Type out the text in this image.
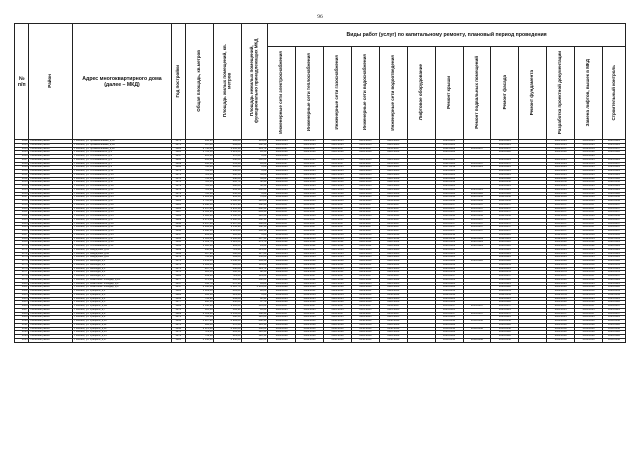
96
№ п/п	Район	Адрес многоквартирного дома (далее – МКД)	Год постройки	Общая площадь, кв.метров	Площадь жилых помещений, кв. метров	Площадь нежилых помещений, функционально принадлежащих МКД	Виды работ (услуг) по капитальному ремонту, плановый период проведения												
							Инженерные сети электроснабжения	Инженерные сети теплоснабжения	Инженерные сети газоснабжения	Инженерные сети водоснабжения	Инженерные сети водоотведения	Лифтовое оборудование	Ремонт крыши	Ремонт подвальных помещений	Ремонт фасада	Ремонт фундамента	Разработка проектной документации	Замена лифтов, вышек в МКД	Строительный контроль
4142	Рыльский район	г. Рыльск, ул. Промышленная, д.58	1971	844,90	263,00	119,80	2021-2025	2021-2025	2023-2025	2021-2025	2024-2025		2023-2025		2023-2025		2021-2023	2023-2025	2021-2025
4143	Рыльский район	г. Рыльск, ул. Промышленная, д.59	1971	537,80	464,80	102,10	2023-2025	2023-2025	2023-2025	2023-2025	2023-2025		2023-2025		2023-2025		2023-2025	2023-2025	2023-2025
4144	Рыльский район	г. Рыльск, ул. Промышленная, д.60	1981	2 750,00	1 845,10	191,70	2025-2027	2035-2037	2035-2037	2035-2037	2035-2037		2022-2022	2035-2037	2035-2037		2031-2037	2032-2034	2035-2037
4145	Рыльский район	г. Рыльск, ул. Л.Оленинского, д.1	1983	1 712,50	1 619,00	93,50	2026-2028	2026-2028	2026-2028	2026-2028	2026-2028		2026-2028		2026-2028		2026-2028	2026-2028	2026-2028
4146	Рыльский район	г. Рыльск, ул. Л.Оленинского, д.3	1917	205,40	178,00	0,00	2026-2026											2023-2023	
4147	Рыльский район	г. Рыльск, ул. Л.Оленинского, д.5	1965	495,00	440,00	190,00	2023-2025	2023-2025	2023-2025	2023-2025	2023-2025		2023-2025		2023-2025		2023-2025	2023-2025	2023-2025
4148	Рыльский район	г. Рыльск, ул. Л.Оленинского, д.7	1969	636,40	551,40	85,00	2026-2027	2035-2037	2035-2037	2035-2037	2035-2037		2022-2024	2035-2037	2035-2037		2022-2024	2032-2034	2035-2037
4149	Рыльский район	г. Рыльск, ул. Л.Оленинского, д.9	1965	708,80	663,00	0,00	2023-2025	2023-2025	2023-2025	2023-2025	2023-2025		2017-2019	2023-2025	2023-2025		2023-2025	2023-2025	2023-2025
4150	Рыльский район	г. Рыльск, ул. Л.Оленинского, д.11	1973	704,40	652,00	0,00	2023-2025	2023-2025	2023-2025	2023-2025	2023-2025		2023-2025		2023-2025		2023-2025	2023-2025	2023-2025
4151	Рыльский район	г. Рыльск, ул. Л.Оленинского, д.13	1971	725,40	660,50	54,00	2023-2025	2023-2025	2023-2025	2023-2025	2023-2025		2023-2025		2023-2025		2023-2025	2023-2025	2023-2025
4152	Рыльский район	г. Рыльск, ул. Л.Оленинского, д.15	1978	735,10	648,00	39,00	2026-2028	2026-2028	2026-2028	2026-2028	2026-2028		2026-2028		2026-2028		2026-2028	2026-2028	2026-2028
4153	Рыльский район	г. Рыльск, ул. Л.Оленинского, д.17	1970	726,40	663,70	52,40	2028-2030	2028-2030	2028-2030	2028-2030	2028-2030		2028-2030		2028-2030		2028-2030	2028-2030	2028-2030
4154	Рыльский район	г. Рыльск, ул. Л.Оленинского, д.19	1972	726,40	490,80	50,50	2023-2025	2023-2025	2023-2025	2023-2025	2023-2025		2023-2025		2023-2025		2023-2025	2023-2025	2023-2025
4155	Рыльский район	г. Рыльск, ул. Л.Оленинского, д.21	1974	722,60	639,10	100,60	2023-2025	2023-2025	2023-2025	2023-2025	2023-2025		2023-2025	2023-2025	2023-2025		2023-2025	2023-2025	2023-2025
4156	Рыльский район	г. Рыльск, ул. Л.Оленинского, д.23	1976	706,30	656,30	0,00	2026-2028	2026-2028	2026-2028	2026-2028	2026-2028		2026-2028	2026-2028	2026-2028		2026-2028	2026-2028	2026-2028
4157	Рыльский район	г. Рыльск, ул. Л.Оленинского, д.25	1979	1 012,30	941,50	70,80	2041-2043	2041-2043	2041-2043	2041-2043	2041-2043		2041-2043	2041-2043	2041-2043		2041-2043	2041-2043	2041-2043
4158	Рыльский район	г. Рыльск, ул. Л.Оленинского, д.27	1983	1 710,80	1 480,50	120,00	2041-2043	2041-2043	2041-2043	2041-2043	2041-2043		2041-2043	2041-2043	2041-2043		2041-2043	2041-2043	2041-2043
4159	Рыльский район	г. Рыльск, ул. Л.Оленинского, д.29	1985	2 498,30	2 315,90	182,40	2035-2037	2035-2037	2035-2037	2035-2037	2035-2037		2035-2037	2035-2037	2035-2037		2035-2037	2035-2037	2035-2037
4160	Рыльский район	г. Рыльск, ул. Л.Оленинского, д.31	1986	2 157,60	1 955,10	202,50	2035-2037	2035-2037	2035-2037	2035-2037	2035-2037		2035-2037	2035-2037	2035-2037		2035-2037	2035-2037	2035-2037
4161	Рыльский район	г. Рыльск, ул. Л.Оленинского, д.33	1987	2 504,90	2 300,50	204,40	2035-2037	2035-2037	2035-2037	2035-2037	2035-2037		2035-2037	2035-2037	2035-2037		2035-2037	2035-2037	2035-2037
4162	Рыльский район	г. Рыльск, ул. Л.Оленинского, д.35	1988	1 686,60	1 566,30	120,30	2041-2043	2041-2043	2041-2043	2041-2043	2041-2043		2041-2043	2041-2043	2041-2043		2041-2043	2041-2043	2041-2043
4163	Рыльский район	г. Рыльск, ул. Л.Оленинского, д.37	1989	2 472,40	2 290,30	182,10	2035-2037	2035-2037	2035-2037	2035-2037	2035-2037		2035-2037	2035-2037	2035-2037		2035-2037	2035-2037	2035-2037
4164	Рыльский район	г. Рыльск, ул. Л.Оленинского, д.39	1990	2 447,30	2 267,30	180,00	2035-2037	2035-2037	2035-2037	2035-2037	2035-2037		2035-2037	2035-2037	2035-2037		2035-2037	2035-2037	2035-2037
4165	Рыльский район	г. Рыльск, ул. Л.Оленинского, д.41	1990	2 494,00	2 311,90	182,10	2035-2037	2035-2037	2035-2037	2035-2037	2035-2037		2035-2037	2035-2037	2035-2037		2035-2037	2035-2037	2035-2037
4166	Рыльский район	г. Рыльск, ул. Л.Оленинского, д.43	1990	2 498,10	2 315,00	183,10	2035-2037	2035-2037	2035-2037	2035-2037	2035-2037		2035-2037	2035-2037	2035-2037		2035-2037	2035-2037	2035-2037
4167	Рыльский район	г. Рыльск, ул. Л.Оленинского, д.45	1917	212,00	195,40	0,00	2014-2016	2014-2016	2014-2016	2014-2016	2014-2016		2014-2016		2014-2016		2014-2016	2014-2016	2014-2016
4168	Рыльский район	г. Рыльск, ул. Л.Оленинского, д.47	1961	1 513,00	1 366,40	147,10	2012-2014	2012-2014	2012-2014	2012-2014	2012-2014		2012-2014	2012-2014	2012-2014		2012-2014	2012-2014	2012-2014
4169	Рыльский район	г. Рыльск, ул. Л.Оленинского, д.49	1964	1 509,70	1 324,00	175,70	2020-2022	2020-2022	2020-2022	2020-2022	2020-2022		2020-2022	2020-2022	2020-2022		2020-2022	2020-2022	2020-2022
4170	Рыльский район	г. Рыльск, ул. Л.Оленинского, д.51	1966	1 080,60	989,00	91,60	2020-2022	2020-2022	2020-2022	2020-2022	2020-2022		2020-2022	2020-2022	2020-2022		2020-2022	2020-2022	2020-2022
4171	Рыльский район	г. Рыльск, ул. Свердлова, д.13	1969	840,40	719,40	121,00	2023-2025	2023-2025	2023-2025	2023-2025	2023-2025		2023-2025		2023-2025		2023-2025	2023-2025	2023-2025
4172	Рыльский район	г. Рыльск, ул. Свердлова, д.18	1968	697,90	580,60	117,30	2023-2025	2023-2025	2023-2025	2023-2025	2023-2025		2023-2025		2023-2025		2023-2025	2023-2025	2023-2025
4173	Рыльский район	г. Рыльск, ул. Свердлова, д.20	1970	745,60	589,00	156,60	2023-2025	2023-2025	2023-2025	2023-2025	2023-2025		2023-2025		2023-2025		2023-2025	2023-2025	2023-2025
4174	Рыльский район	г. Рыльск, ул. Свободы, д.1	1973	1 211,00	1 046,50	164,50	2026-2028	2026-2028	2026-2028	2026-2028	2026-2028		2026-2028	2026-2028	2026-2028		2026-2028	2026-2028	2026-2028
4175	Рыльский район	г. Рыльск, ул. Свободы, д.2	1975	1 004,80	885,60	119,20	2029-2031	2029-2031	2029-2031	2029-2031	2029-2031		2029-2031		2029-2031		2029-2031	2029-2031	2029-2031
4176	Рыльский район	г. Рыльск, ул. Свободы, д.3	1971	467,70	338,00	129,70	2023-2025	2023-2025	2023-2025	2023-2025	2023-2025		2023-2025		2023-2025		2023-2025	2023-2025	2023-2025
4177	Рыльский район	г. Рыльск, ул. Свободы, д.4	1974	685,00	596,50	88,50	2029-2031	2029-2031	2029-2031	2029-2031	2029-2031		2029-2031		2029-2031		2029-2031	2029-2031	2029-2031
4178	Рыльский район	г. Рыльск, ул. Свободы, д.5	1980	849,20	729,60	119,60	2035-2037	2035-2037	2035-2037	2035-2037	2035-2037		2035-2037		2035-2037		2035-2037	2035-2037	2035-2037
4179	Рыльский район	г. Рыльск, ул. Советская Площадь, д.1А	1977	573,40	465,20	108,20	2020-2022	2020-2022	2020-2022	2020-2022	2020-2022		2020-2022		2020-2022		2020-2022	2020-2022	2020-2022
4180	Рыльский район	г. Рыльск, ул. Советская Площадь, д.4	1937	544,70	478,90	65,80	2023-2025	2023-2025	2023-2025	2023-2025	2023-2025		2023-2025		2023-2025		2023-2025	2023-2025	2023-2025
4181	Рыльский район	г. Рыльск, ул. Советская Площадь, д.6	1917	2 540,80	2 316,70	1 961,20	2026-2028	2026-2028	2026-2028	2026-2028	2026-2028		2026-2028		2026-2028		2026-2028	2026-2028	2026-2028
4182	Рыльский район	г. Рыльск, ул. Урицкого, д.2	1985	1 009,00	891,00	96,00	2029-2031	2029-2031	2029-2031	2029-2031	2029-2031		2029-2031		2029-2031		2029-2031	2029-2031	2029-2031
4183	Рыльский район	г. Рыльск, ул. Урицкого, д.3	1982	335,10	319,20	0,00	2032-2034	2032-2034	2032-2034	2032-2034	2032-2034		2032-2034		2032-2034		2032-2034	2032-2034	2032-2034
4184	Рыльский район	г. Рыльск, ул. Урицкого, д.4	1969	741,90	649,00	92,90	2023-2025	2023-2025	2023-2025	2023-2025	2023-2025		2023-2025		2023-2025		2023-2025	2023-2025	2023-2025
4185	Рыльский район	г. Рыльск, ул. Урицкого, д.5	1977	288,50	230,80	57,70	2026-2028	2026-2028	2026-2028	2026-2028	2026-2028		2026-2028		2026-2028		2026-2028	2026-2028	2026-2028
4186	Рыльский район	г. Рыльск, ул. Урицкого, д.6А	1986	1 540,20	1 395,00	145,20	2035-2037	2035-2037	2035-2037	2035-2037	2035-2037		2035-2037	2035-2037	2035-2037		2035-2037	2035-2037	2035-2037
4187	Рыльский район	г. Рыльск, ул. Урицкого, д.7	1970	685,50	599,90	85,60	2023-2025	2023-2025	2023-2025	2023-2025	2023-2025		2023-2025		2023-2025		2023-2025	2023-2025	2023-2025
4188	Рыльский район	г. Рыльск, ул. Урицкого, д.8	1989	2 509,40	2 341,00	168,40	2035-2037	2035-2037	2035-2037	2035-2037	2035-2037		2035-2037	2035-2037	2035-2037		2035-2037	2035-2037	2035-2037
4189	Рыльский район	г. Рыльск, ул. Урицкого, д.9	1971	700,30	580,30	120,00	2023-2025	2023-2025	2023-2025	2023-2025	2023-2025		2023-2025		2023-2025		2023-2025	2023-2025	2023-2025
4190	Рыльский район	г. Рыльск, ул. Урицкого, д.10	1991	3 207,90	2 999,00	208,90	2038-2040	2038-2040	2038-2040	2038-2040	2038-2040		2038-2040	2038-2040	2038-2040		2038-2040	2038-2040	2038-2040
4191	Рыльский район	г. Рыльск, ул. Урицкого, д.11	1973	694,40	578,30	116,10	2026-2028	2026-2028	2026-2028	2026-2028	2026-2028		2026-2028		2026-2028		2026-2028	2026-2028	2026-2028
4192	Рыльский район	г. Рыльск, ул. Урицкого, д.12	1992	2 876,00	2 690,00	186,00	2038-2040	2038-2040	2038-2040	2038-2040	2038-2040		2038-2040	2038-2040	2038-2040		2038-2040	2038-2040	2038-2040
4193	Рыльский район	г. Рыльск, ул. Урицкого, д.13	1974	729,80	609,40	120,40	2026-2028	2026-2028	2026-2028	2026-2028	2026-2028		2026-2028		2026-2028		2026-2028	2026-2028	2026-2028
4194	Рыльский район	г. Рыльск, ул. Урицкого, д.15	1976	739,10	619,00	120,10	2026-2028	2026-2028	2026-2028	2026-2028	2026-2028		2026-2028		2026-2028		2026-2028	2026-2028	2026-2028
4195	Рыльский район	г. Рыльск, ул. Урицкого, д.17	1985	3 146,00	2 950,00	196,00	2038-2040	2038-2040	2038-2040	2038-2040	2038-2040		2038-2040	2038-2040	2038-2040		2038-2040	2038-2040	2038-2040
